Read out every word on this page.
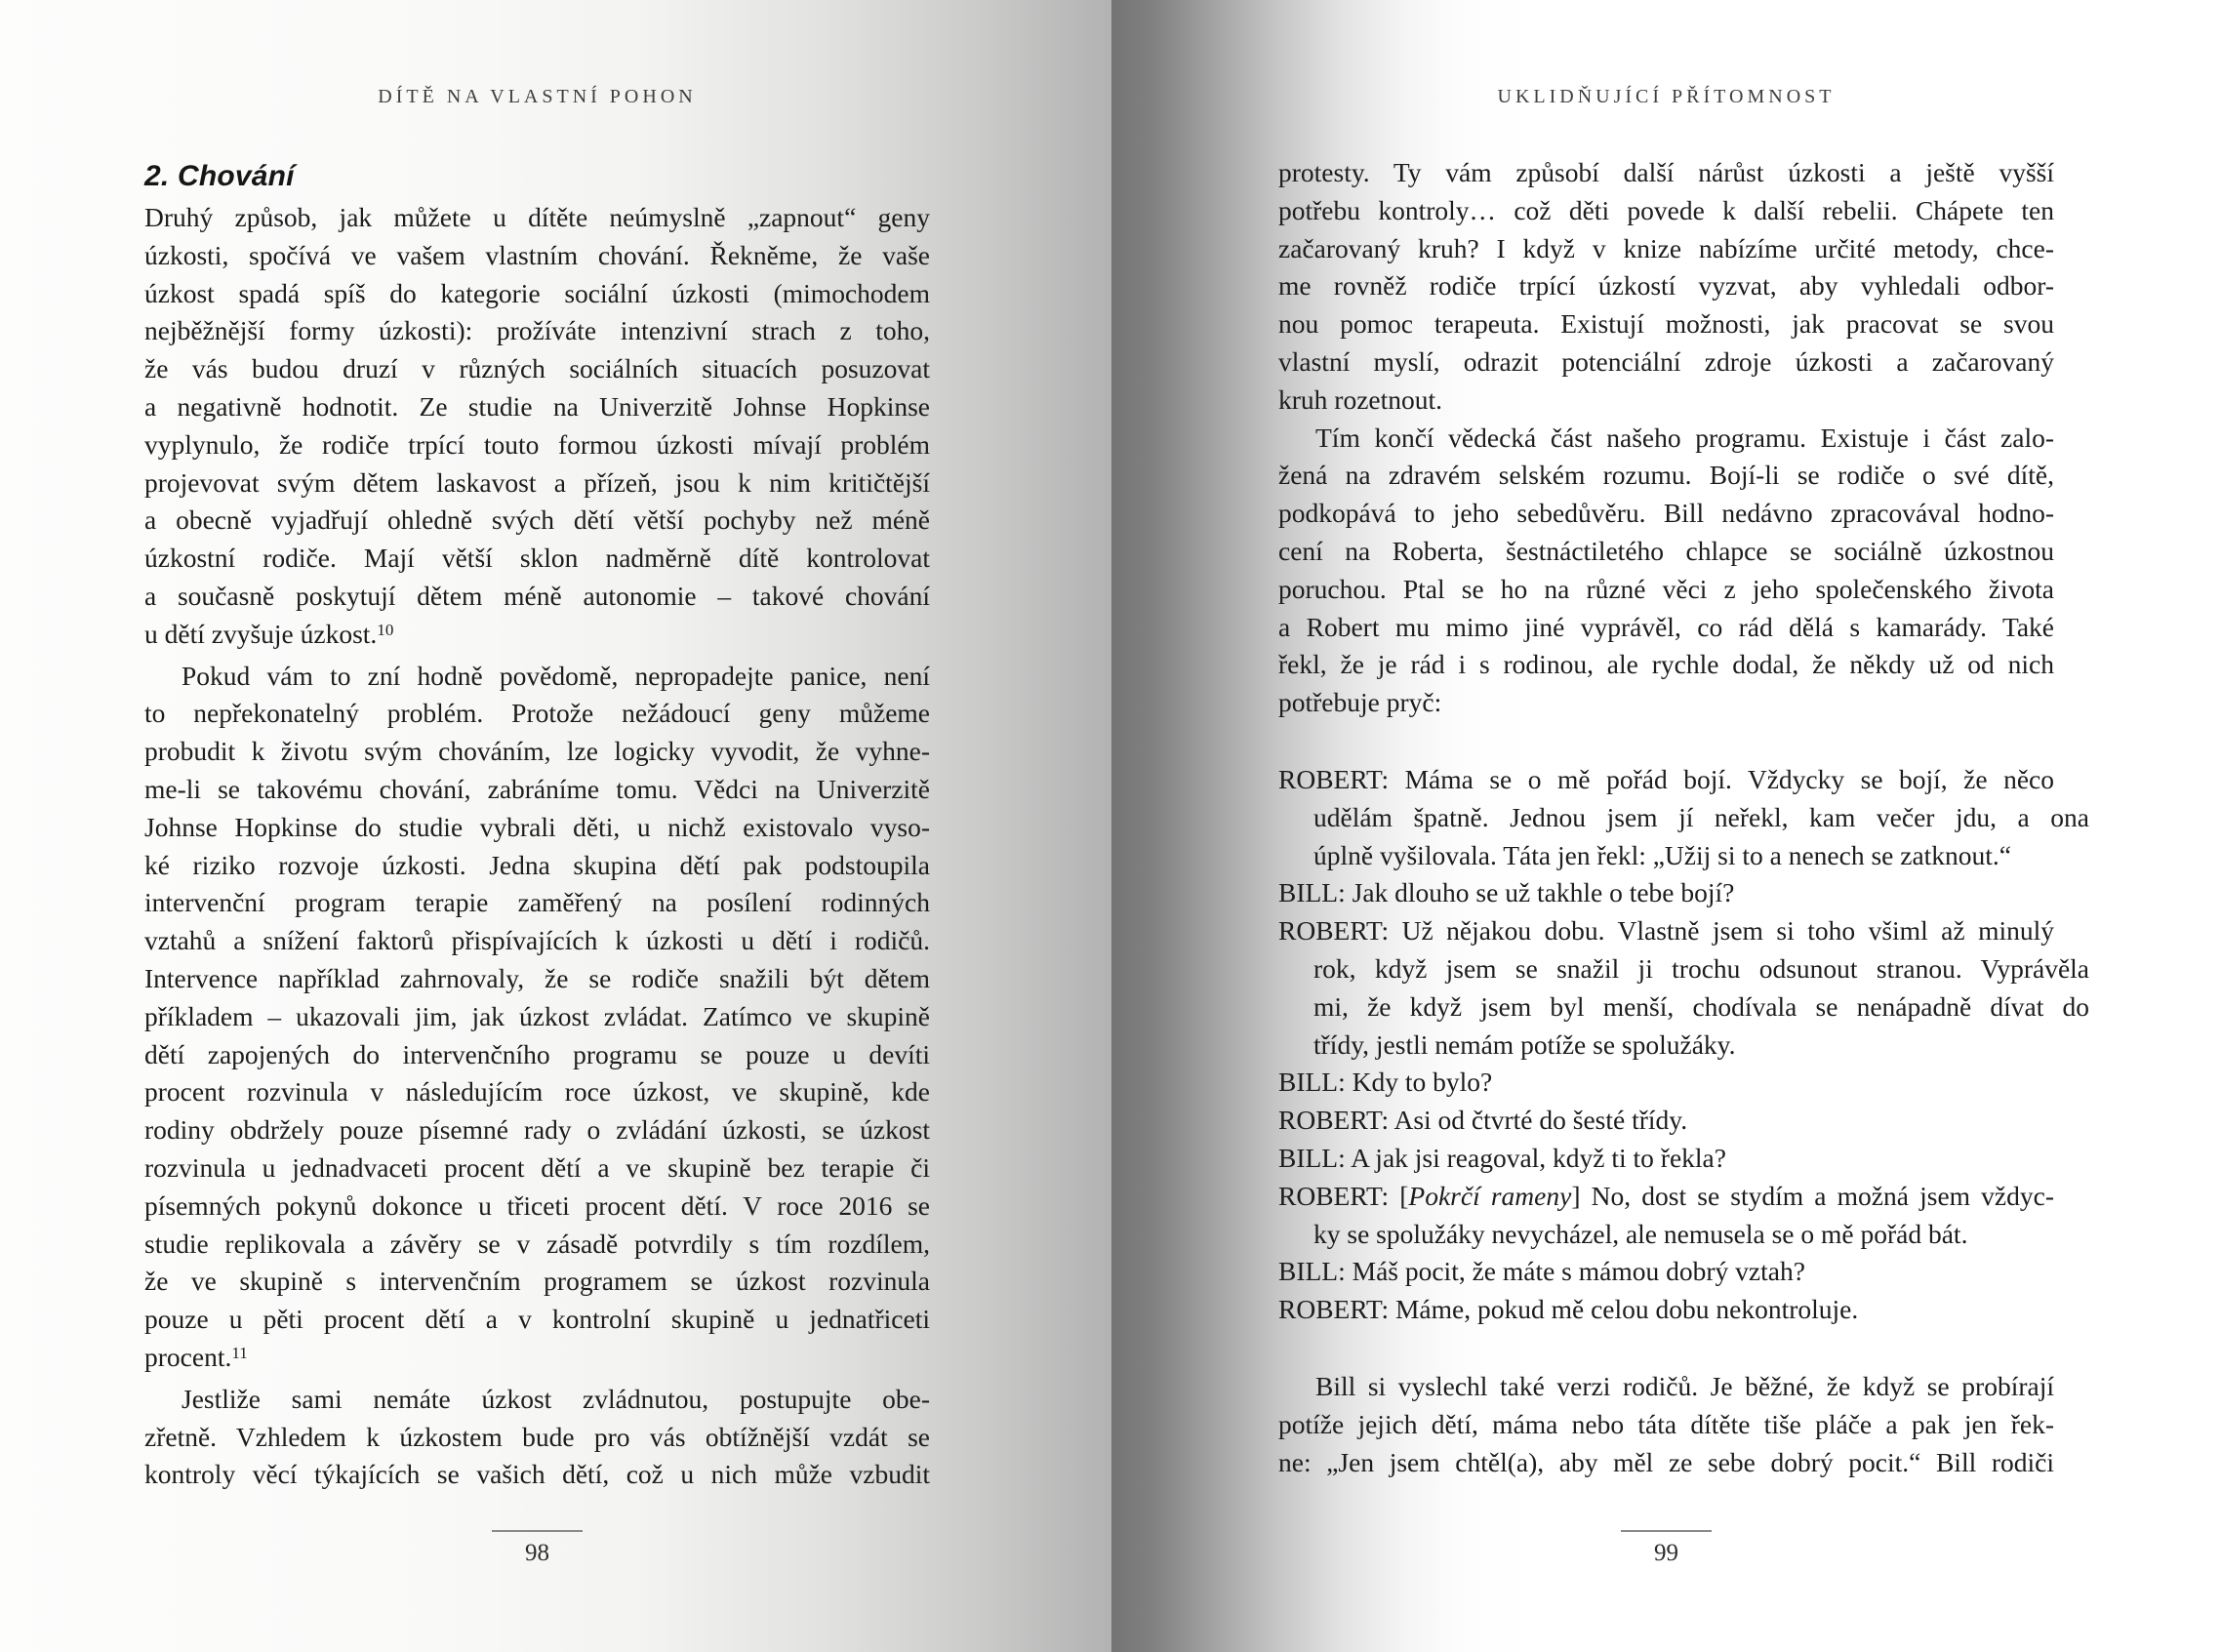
DÍTĚ NA VLASTNÍ POHON
2. Chování
Druhý způsob, jak můžete u dítěte neúmyslně „zapnout“ geny
úzkosti, spočívá ve vašem vlastním chování. Řekněme, že vaše
úzkost spadá spíš do kategorie sociální úzkosti (mimochodem
nejběžnější formy úzkosti): prožíváte intenzivní strach z toho,
že vás budou druzí v různých sociálních situacích posuzovat
a negativně hodnotit. Ze studie na Univerzitě Johnse Hopkinse
vyplynulo, že rodiče trpící touto formou úzkosti mívají problém
projevovat svým dětem laskavost a přízeň, jsou k nim kritičtější
a obecně vyjadřují ohledně svých dětí větší pochyby než méně
úzkostní rodiče. Mají větší sklon nadměrně dítě kontrolovat
a současně poskytují dětem méně autonomie – takové chování
u dětí zvyšuje úzkost.$^{10}$
Pokud vám to zní hodně povědomě, nepropadejte panice, není
to nepřekonatelný problém. Protože nežádoucí geny můžeme
probudit k životu svým chováním, lze logicky vyvodit, že vyhne-
me-li se takovému chování, zabráníme tomu. Vědci na Univerzitě
Johnse Hopkinse do studie vybrali děti, u nichž existovalo vyso-
ké riziko rozvoje úzkosti. Jedna skupina dětí pak podstoupila
intervenční program terapie zaměřený na posílení rodinných
vztahů a snížení faktorů přispívajících k úzkosti u dětí i rodičů.
Intervence například zahrnovaly, že se rodiče snažili být dětem
příkladem – ukazovali jim, jak úzkost zvládat. Zatímco ve skupině
dětí zapojených do intervenčního programu se pouze u devíti
procent rozvinula v následujícím roce úzkost, ve skupině, kde
rodiny obdržely pouze písemné rady o zvládání úzkosti, se úzkost
rozvinula u jednadvaceti procent dětí a ve skupině bez terapie či
písemných pokynů dokonce u třiceti procent dětí. V roce 2016 se
studie replikovala a závěry se v zásadě potvrdily s tím rozdílem,
že ve skupině s intervenčním programem se úzkost rozvinula
pouze u pěti procent dětí a v kontrolní skupině u jednatřiceti
procent.$^{11}$
Jestliže sami nemáte úzkost zvládnutou, postupujte obe-
zřetně. Vzhledem k úzkostem bude pro vás obtížnější vzdát se
kontroly věcí týkajících se vašich dětí, což u nich může vzbudit
98
UKLIDŇUJÍCÍ PŘÍTOMNOST
protesty. Ty vám způsobí další nárůst úzkosti a ještě vyšší
potřebu kontroly… což děti povede k další rebelii. Chápete ten
začarovaný kruh? I když v knize nabízíme určité metody, chce-
me rovněž rodiče trpící úzkostí vyzvat, aby vyhledali odbor-
nou pomoc terapeuta. Existují možnosti, jak pracovat se svou
vlastní myslí, odrazit potenciální zdroje úzkosti a začarovaný
kruh rozetnout.
Tím končí vědecká část našeho programu. Existuje i část zalo-
žená na zdravém selském rozumu. Bojí-li se rodiče o své dítě,
podkopává to jeho sebedůvěru. Bill nedávno zpracovával hodno-
cení na Roberta, šestnáctiletého chlapce se sociálně úzkostnou
poruchou. Ptal se ho na různé věci z jeho společenského života
a Robert mu mimo jiné vyprávěl, co rád dělá s kamarády. Také
řekl, že je rád i s rodinou, ale rychle dodal, že někdy už od nich
potřebuje pryč:
ROBERT: Máma se o mě pořád bojí. Vždycky se bojí, že něco
udělám špatně. Jednou jsem jí neřekl, kam večer jdu, a ona
úplně vyšilovala. Táta jen řekl: „Užij si to a nenech se zatknout.“
BILL: Jak dlouho se už takhle o tebe bojí?
ROBERT: Už nějakou dobu. Vlastně jsem si toho všiml až minulý
rok, když jsem se snažil ji trochu odsunout stranou. Vyprávěla
mi, že když jsem byl menší, chodívala se nenápadně dívat do
třídy, jestli nemám potíže se spolužáky.
BILL: Kdy to bylo?
ROBERT: Asi od čtvrté do šesté třídy.
BILL: A jak jsi reagoval, když ti to řekla?
ROBERT: [Pokrčí rameny] No, dost se stydím a možná jsem vždyc-
ky se spolužáky nevycházel, ale nemusela se o mě pořád bát.
BILL: Máš pocit, že máte s mámou dobrý vztah?
ROBERT: Máme, pokud mě celou dobu nekontroluje.
Bill si vyslechl také verzi rodičů. Je běžné, že když se probírají
potíže jejich dětí, máma nebo táta dítěte tiše pláče a pak jen řek-
ne: „Jen jsem chtěl(a), aby měl ze sebe dobrý pocit.“ Bill rodiči
99
